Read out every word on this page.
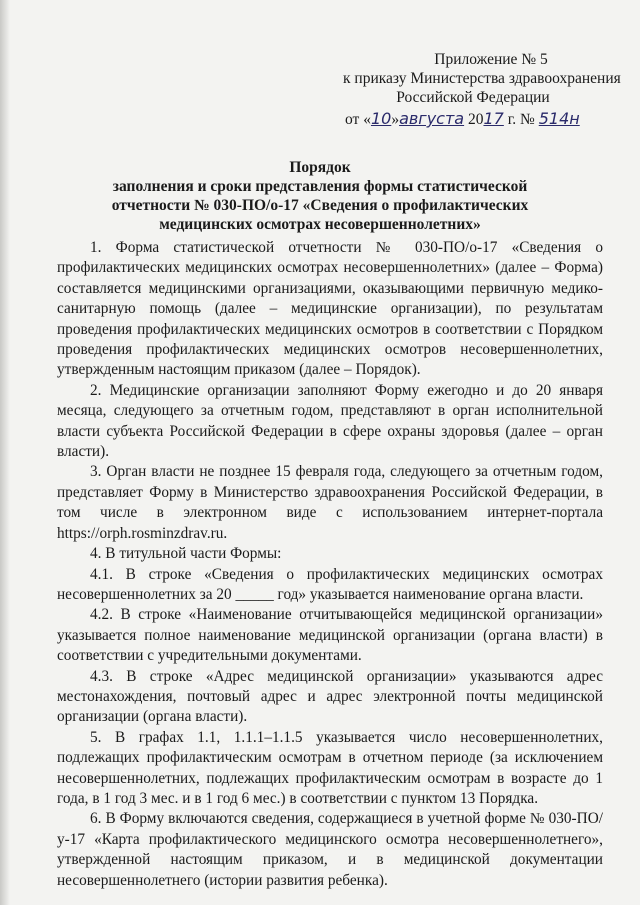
Приложение № 5
к приказу Министерства здравоохранения
Российской Федерации
от «10»августа 2017 г. № 514н
Порядок
заполнения и сроки представления формы статистической
отчетности № 030-ПО/о-17 «Сведения о профилактических
медицинских осмотрах несовершеннолетних»

1. Форма статистической отчетности № 030-ПО/о-17 «Сведения о профилактических медицинских осмотрах несовершеннолетних» (далее – Форма) составляется медицинскими организациями, оказывающими первичную медико-санитарную помощь (далее – медицинские организации), по результатам проведения профилактических медицинских осмотров в соответствии с Порядком проведения профилактических медицинских осмотров несовершеннолетних, утвержденным настоящим приказом (далее – Порядок).

2. Медицинские организации заполняют Форму ежегодно и до 20 января месяца, следующего за отчетным годом, представляют в орган исполнительной власти субъекта Российской Федерации в сфере охраны здоровья (далее – орган власти).

3. Орган власти не позднее 15 февраля года, следующего за отчетным годом, представляет Форму в Министерство здравоохранения Российской Федерации, в том числе в электронном виде с использованием интернет-портала https://orph.rosminzdrav.ru.

4. В титульной части Формы:

4.1. В строке «Сведения о профилактических медицинских осмотрах несовершеннолетних за 20 _____ год» указывается наименование органа власти.

4.2. В строке «Наименование отчитывающейся медицинской организации» указывается полное наименование медицинской организации (органа власти) в соответствии с учредительными документами.

4.3. В строке «Адрес медицинской организации» указываются адрес местонахождения, почтовый адрес и адрес электронной почты медицинской организации (органа власти).

5. В графах 1.1, 1.1.1–1.1.5 указывается число несовершеннолетних, подлежащих профилактическим осмотрам в отчетном периоде (за исключением несовершеннолетних, подлежащих профилактическим осмотрам в возрасте до 1 года, в 1 год 3 мес. и в 1 год 6 мес.) в соответствии с пунктом 13 Порядка.

6. В Форму включаются сведения, содержащиеся в учетной форме № 030-ПО/у-17 «Карта профилактического медицинского осмотра несовершеннолетнего», утвержденной настоящим приказом, и в медицинской документации несовершеннолетнего (истории развития ребенка).
